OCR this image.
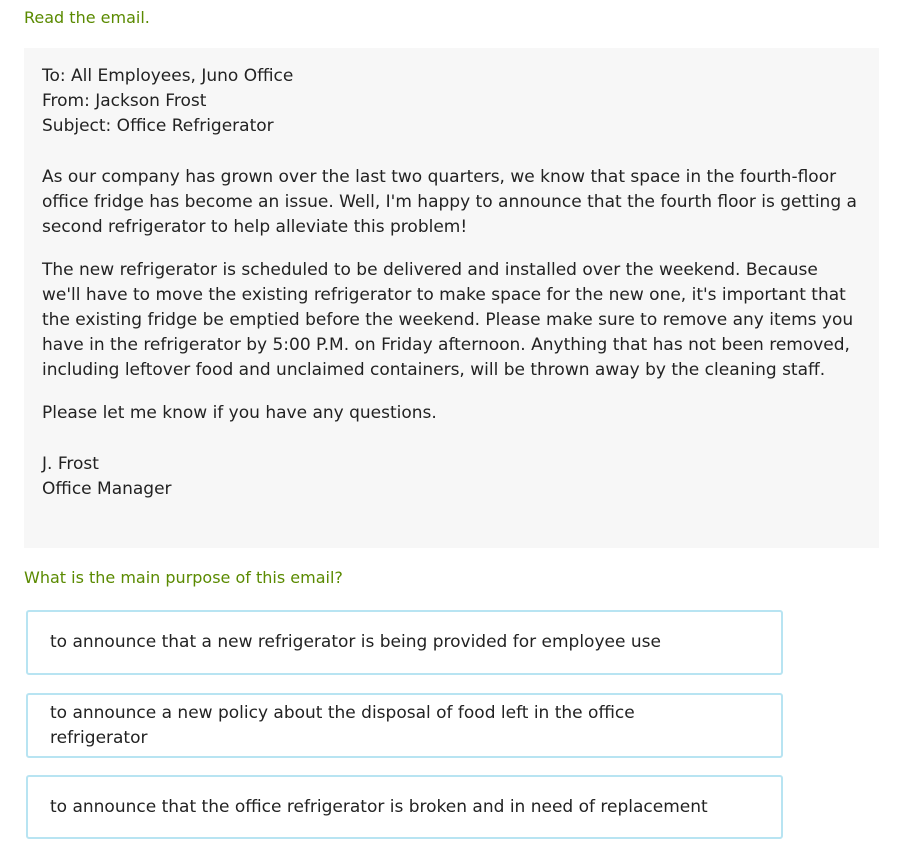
Read the email.
To: All Employees, Juno Office
From: Jackson Frost
Subject: Office Refrigerator

As our company has grown over the last two quarters, we know that space in the fourth-floor office fridge has become an issue. Well, I'm happy to announce that the fourth floor is getting a second refrigerator to help alleviate this problem!

The new refrigerator is scheduled to be delivered and installed over the weekend. Because we'll have to move the existing refrigerator to make space for the new one, it's important that the existing fridge be emptied before the weekend. Please make sure to remove any items you have in the refrigerator by 5:00 P.M. on Friday afternoon. Anything that has not been removed, including leftover food and unclaimed containers, will be thrown away by the cleaning staff.

Please let me know if you have any questions.

J. Frost
Office Manager
What is the main purpose of this email?
to announce that a new refrigerator is being provided for employee use
to announce a new policy about the disposal of food left in the office refrigerator
to announce that the office refrigerator is broken and in need of replacement
